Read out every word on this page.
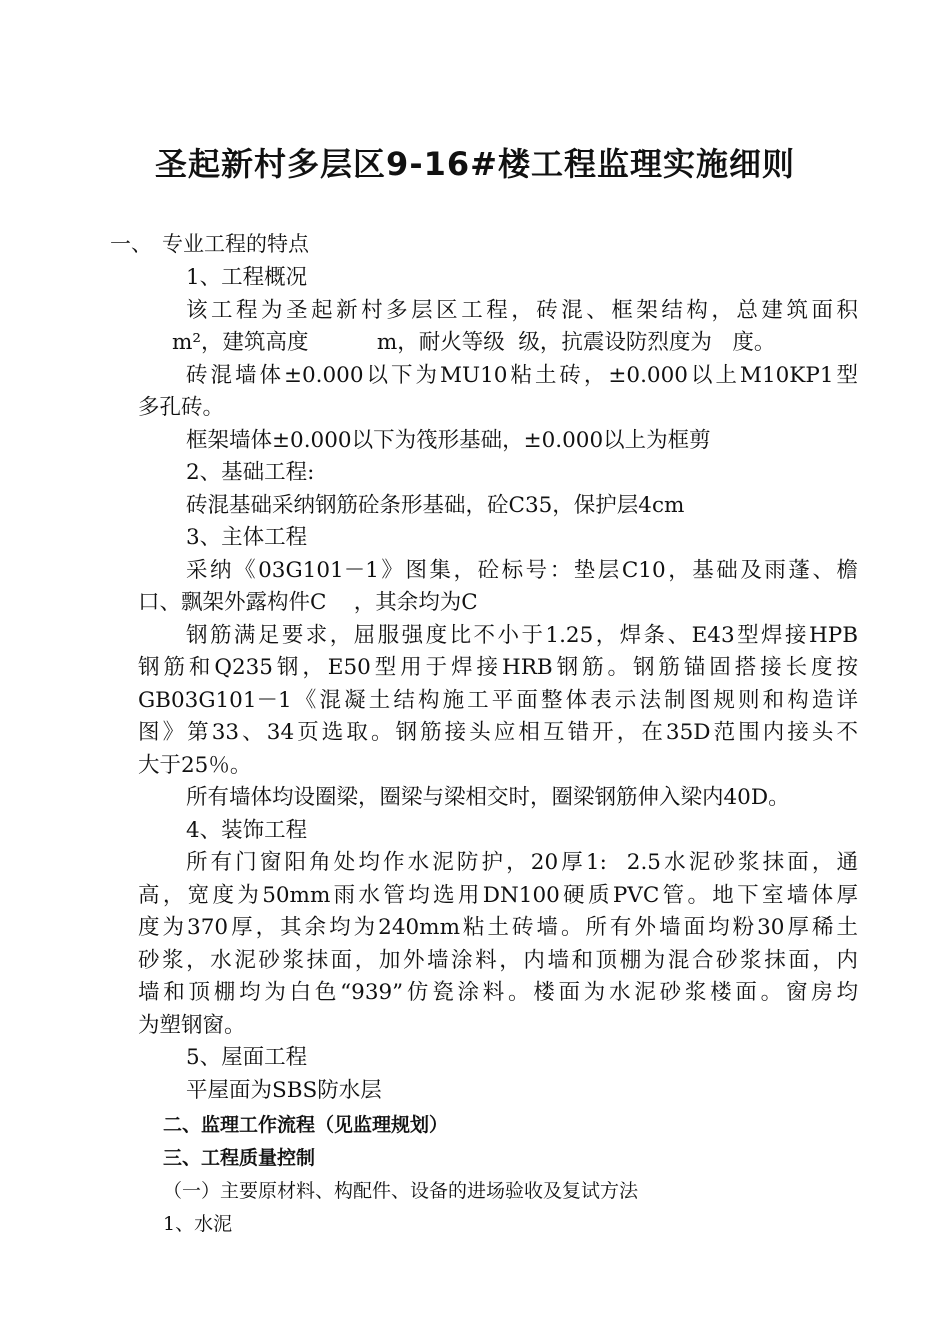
圣起新村多层区9-16#楼工程监理实施细则
一、 专业工程的特点
1、工程概况
该工程为圣起新村多层区工程，砖混、框架结构，总建筑面积
m²，建筑高度          m，耐火等级  级，抗震设防烈度为   度。
砖混墙体±0.000以下为MU10粘土砖，±0.000以上M10KP1型
多孔砖。
框架墙体±0.000以下为筏形基础，±0.000以上为框剪
2、基础工程:
砖混基础采纳钢筋砼条形基础，砼C35，保护层4cm
3、主体工程
采纳《03G101－1》图集，砼标号：垫层C10，基础及雨蓬、檐
口、飘架外露构件C    ，其余均为C
钢筋满足要求，屈服强度比不小于1.25，焊条、E43型焊接HPB
钢筋和Q235钢，E50型用于焊接HRB钢筋。钢筋锚固搭接长度按
GB03G101－1《混凝土结构施工平面整体表示法制图规则和构造详
图》第33、34页选取。钢筋接头应相互错开，在35D范围内接头不
大于25％。
所有墙体均设圈梁，圈梁与梁相交时，圈梁钢筋伸入梁内40D。
4、装饰工程
所有门窗阳角处均作水泥防护，20厚1:  2.5水泥砂浆抹面，通
高，宽度为50mm雨水管均选用DN100硬质PVC管。地下室墙体厚
度为370厚，其余均为240mm粘土砖墙。所有外墙面均粉30厚稀土
砂浆，水泥砂浆抹面，加外墙涂料，内墙和顶棚为混合砂浆抹面，内
墙和顶棚均为白色“939”仿瓷涂料。楼面为水泥砂浆楼面。窗房均
为塑钢窗。
5、屋面工程
平屋面为SBS防水层
二、监理工作流程（见监理规划）
三、工程质量控制
（一）主要原材料、构配件、设备的进场验收及复试方法
1、水泥
